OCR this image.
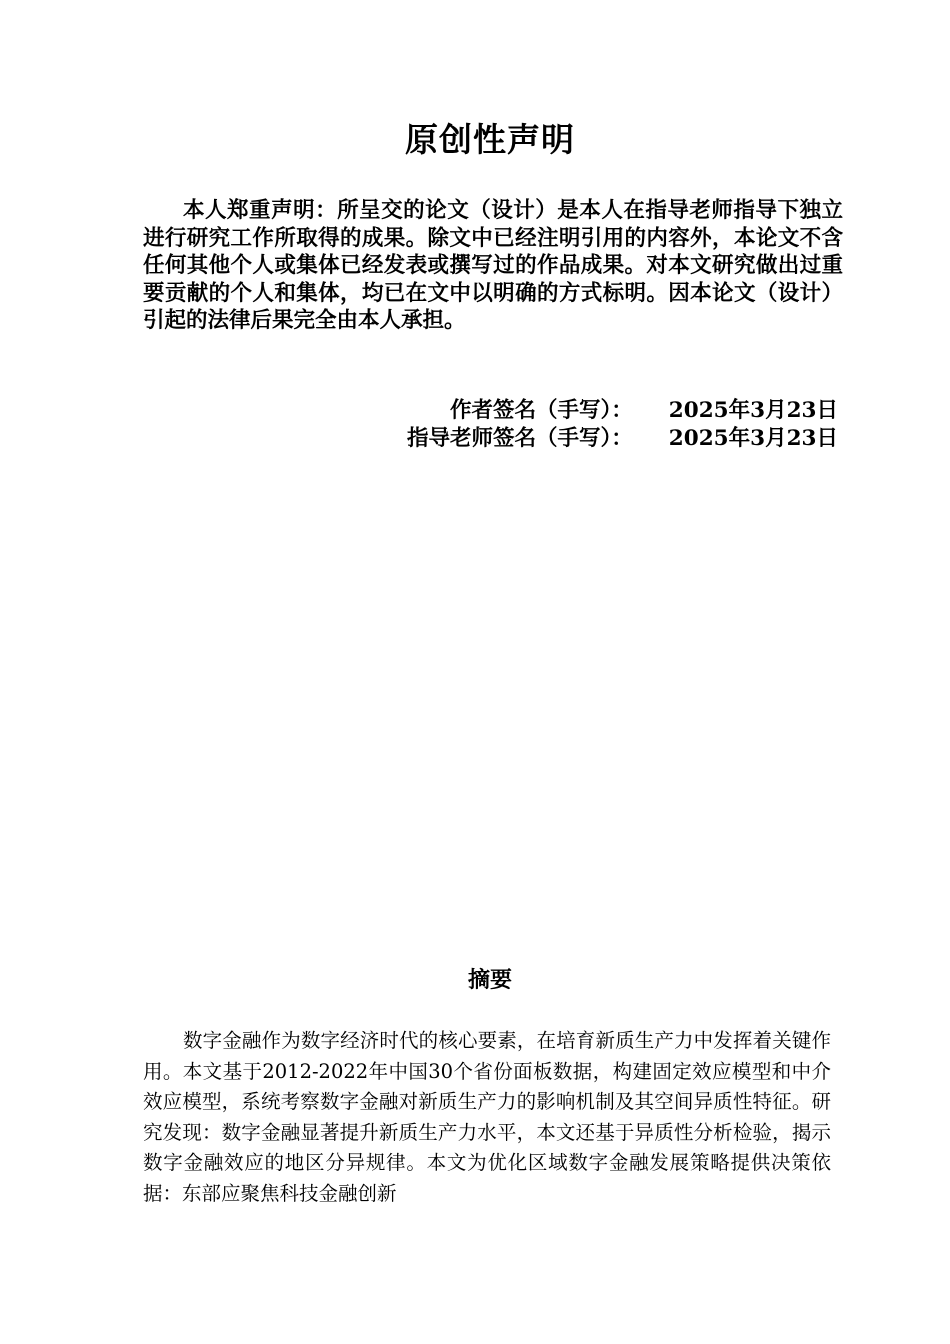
原创性声明

本人郑重声明：所呈交的论文（设计）是本人在指导老师指导下独立进行研究工作所取得的成果。除文中已经注明引用的内容外，本论文不含任何其他个人或集体已经发表或撰写过的作品成果。对本文研究做出过重要贡献的个人和集体，均已在文中以明确的方式标明。因本论文（设计）引起的法律后果完全由本人承担。

作者签名（手写）： 2025年3月23日
指导老师签名（手写）： 2025年3月23日
摘要

数字金融作为数字经济时代的核心要素，在培育新质生产力中发挥着关键作用。本文基于2012-2022年中国30个省份面板数据，构建固定效应模型和中介效应模型，系统考察数字金融对新质生产力的影响机制及其空间异质性特征。研究发现：数字金融显著提升新质生产力水平，本文还基于异质性分析检验，揭示数字金融效应的地区分异规律。本文为优化区域数字金融发展策略提供决策依据：东部应聚焦科技金融创新
